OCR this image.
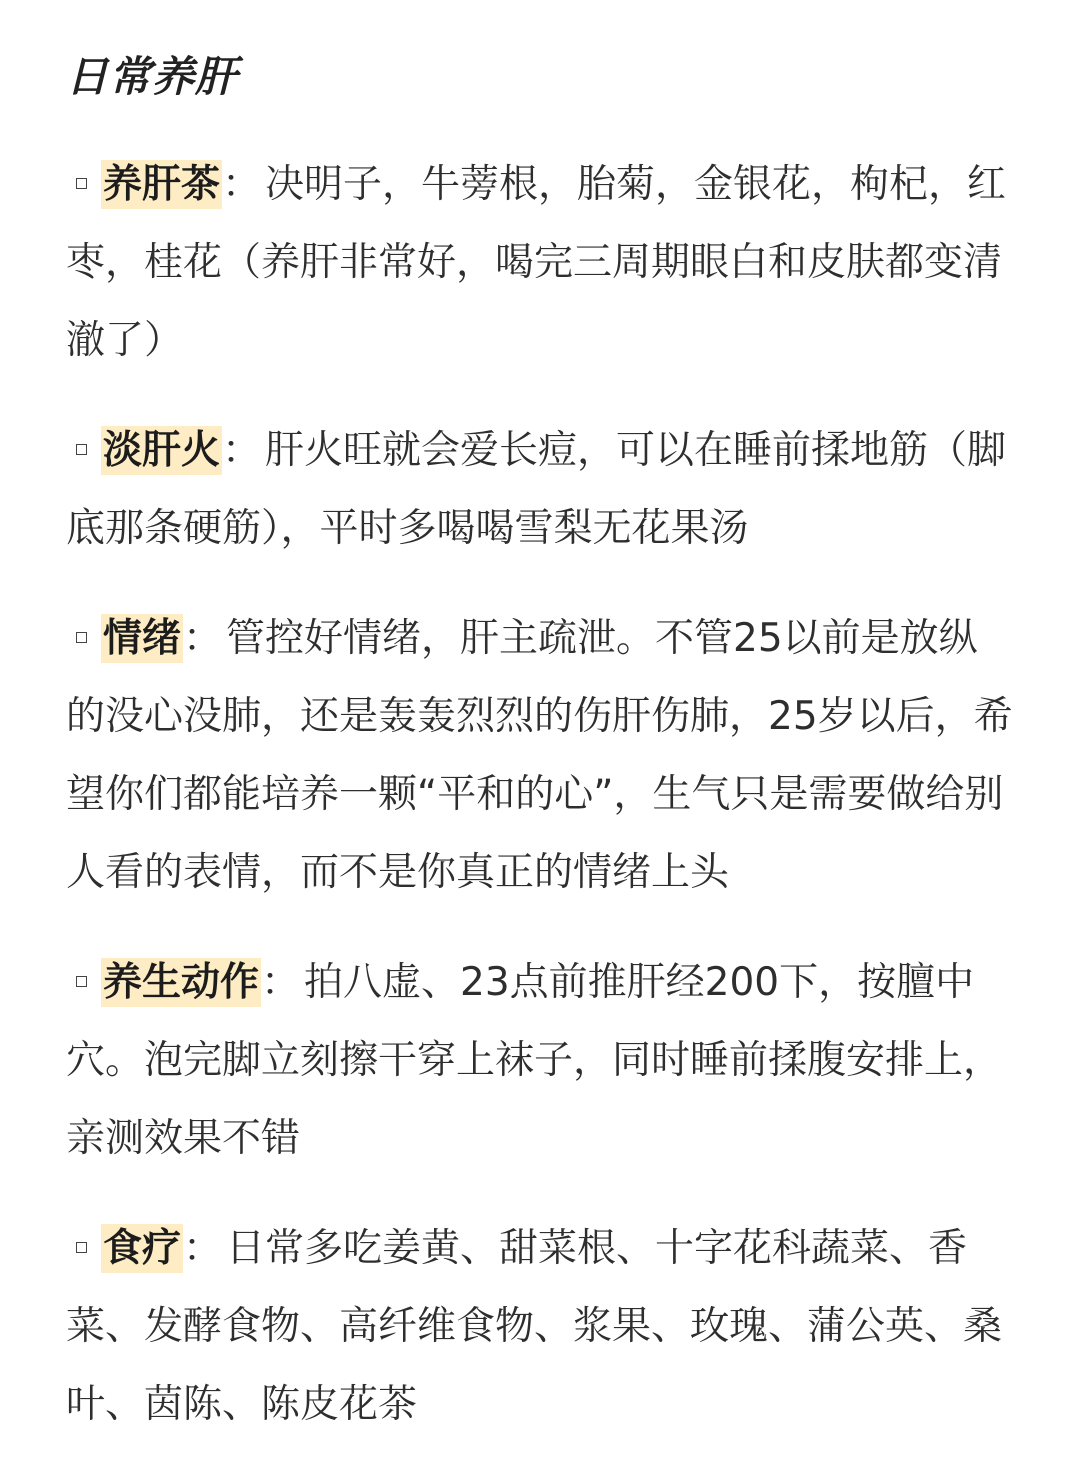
日常养肝

养肝茶： 决明子，牛蒡根，胎菊，金银花，枸杞，红枣，桂花（养肝非常好，喝完三周期眼白和皮肤都变清澈了）

淡肝火： 肝火旺就会爱长痘，可以在睡前揉地筋（脚底那条硬筋），平时多喝喝雪梨无花果汤

情绪： 管控好情绪，肝主疏泄。不管25以前是放纵的没心没肺，还是轰轰烈烈的伤肝伤肺，25岁以后，希望你们都能培养一颗“平和的心”，生气只是需要做给别人看的表情，而不是你真正的情绪上头

养生动作： 拍八虚、23点前推肝经200下，按膻中穴。泡完脚立刻擦干穿上袜子，同时睡前揉腹安排上，亲测效果不错

食疗： 日常多吃姜黄、甜菜根、十字花科蔬菜、香菜、发酵食物、高纤维食物、浆果、玫瑰、蒲公英、桑叶、茵陈、陈皮花茶
